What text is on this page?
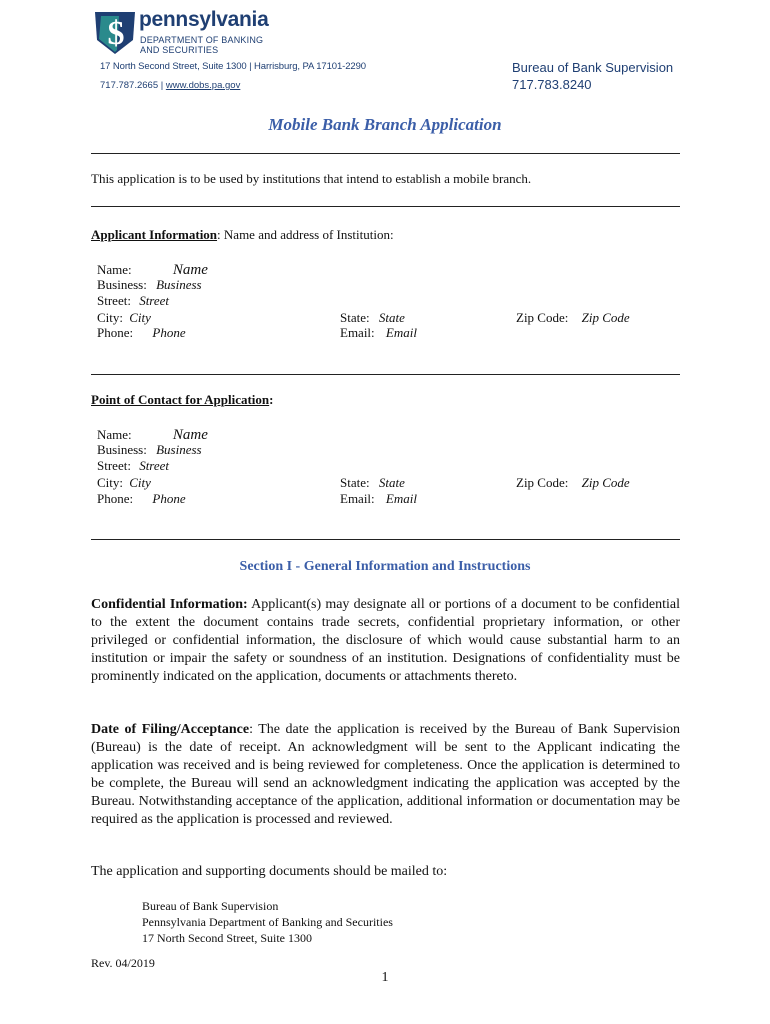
$ pennsylvania
DEPARTMENT OF BANKING
AND SECURITIES
17 North Second Street, Suite 1300 | Harrisburg, PA 17101-2290
717.787.2665 | www.dobs.pa.gov
Bureau of Bank Supervision
717.783.8240
Mobile Bank Branch Application
This application is to be used by institutions that intend to establish a mobile branch.
Applicant Information: Name and address of Institution:
Name:	Name
Business: Business
Street: Street
City: City
Phone: Phone
State: State
Email: Email
Zip Code: Zip Code
Point of Contact for Application:
Name:	Name
Business: Business
Street: Street
City: City
Phone: Phone
State: State
Email: Email
Zip Code: Zip Code
Section I - General Information and Instructions
Confidential Information: Applicant(s) may designate all or portions of a document to be confidential to the extent the document contains trade secrets, confidential proprietary information, or other privileged or confidential information, the disclosure of which would cause substantial harm to an institution or impair the safety or soundness of an institution. Designations of confidentiality must be prominently indicated on the application, documents or attachments thereto.
Date of Filing/Acceptance: The date the application is received by the Bureau of Bank Supervision (Bureau) is the date of receipt. An acknowledgment will be sent to the Applicant indicating the application was received and is being reviewed for completeness. Once the application is determined to be complete, the Bureau will send an acknowledgment indicating the application was accepted by the Bureau. Notwithstanding acceptance of the application, additional information or documentation may be required as the application is processed and reviewed.
The application and supporting documents should be mailed to:
Bureau of Bank Supervision
Pennsylvania Department of Banking and Securities
17 North Second Street, Suite 1300
Rev. 04/2019
1
